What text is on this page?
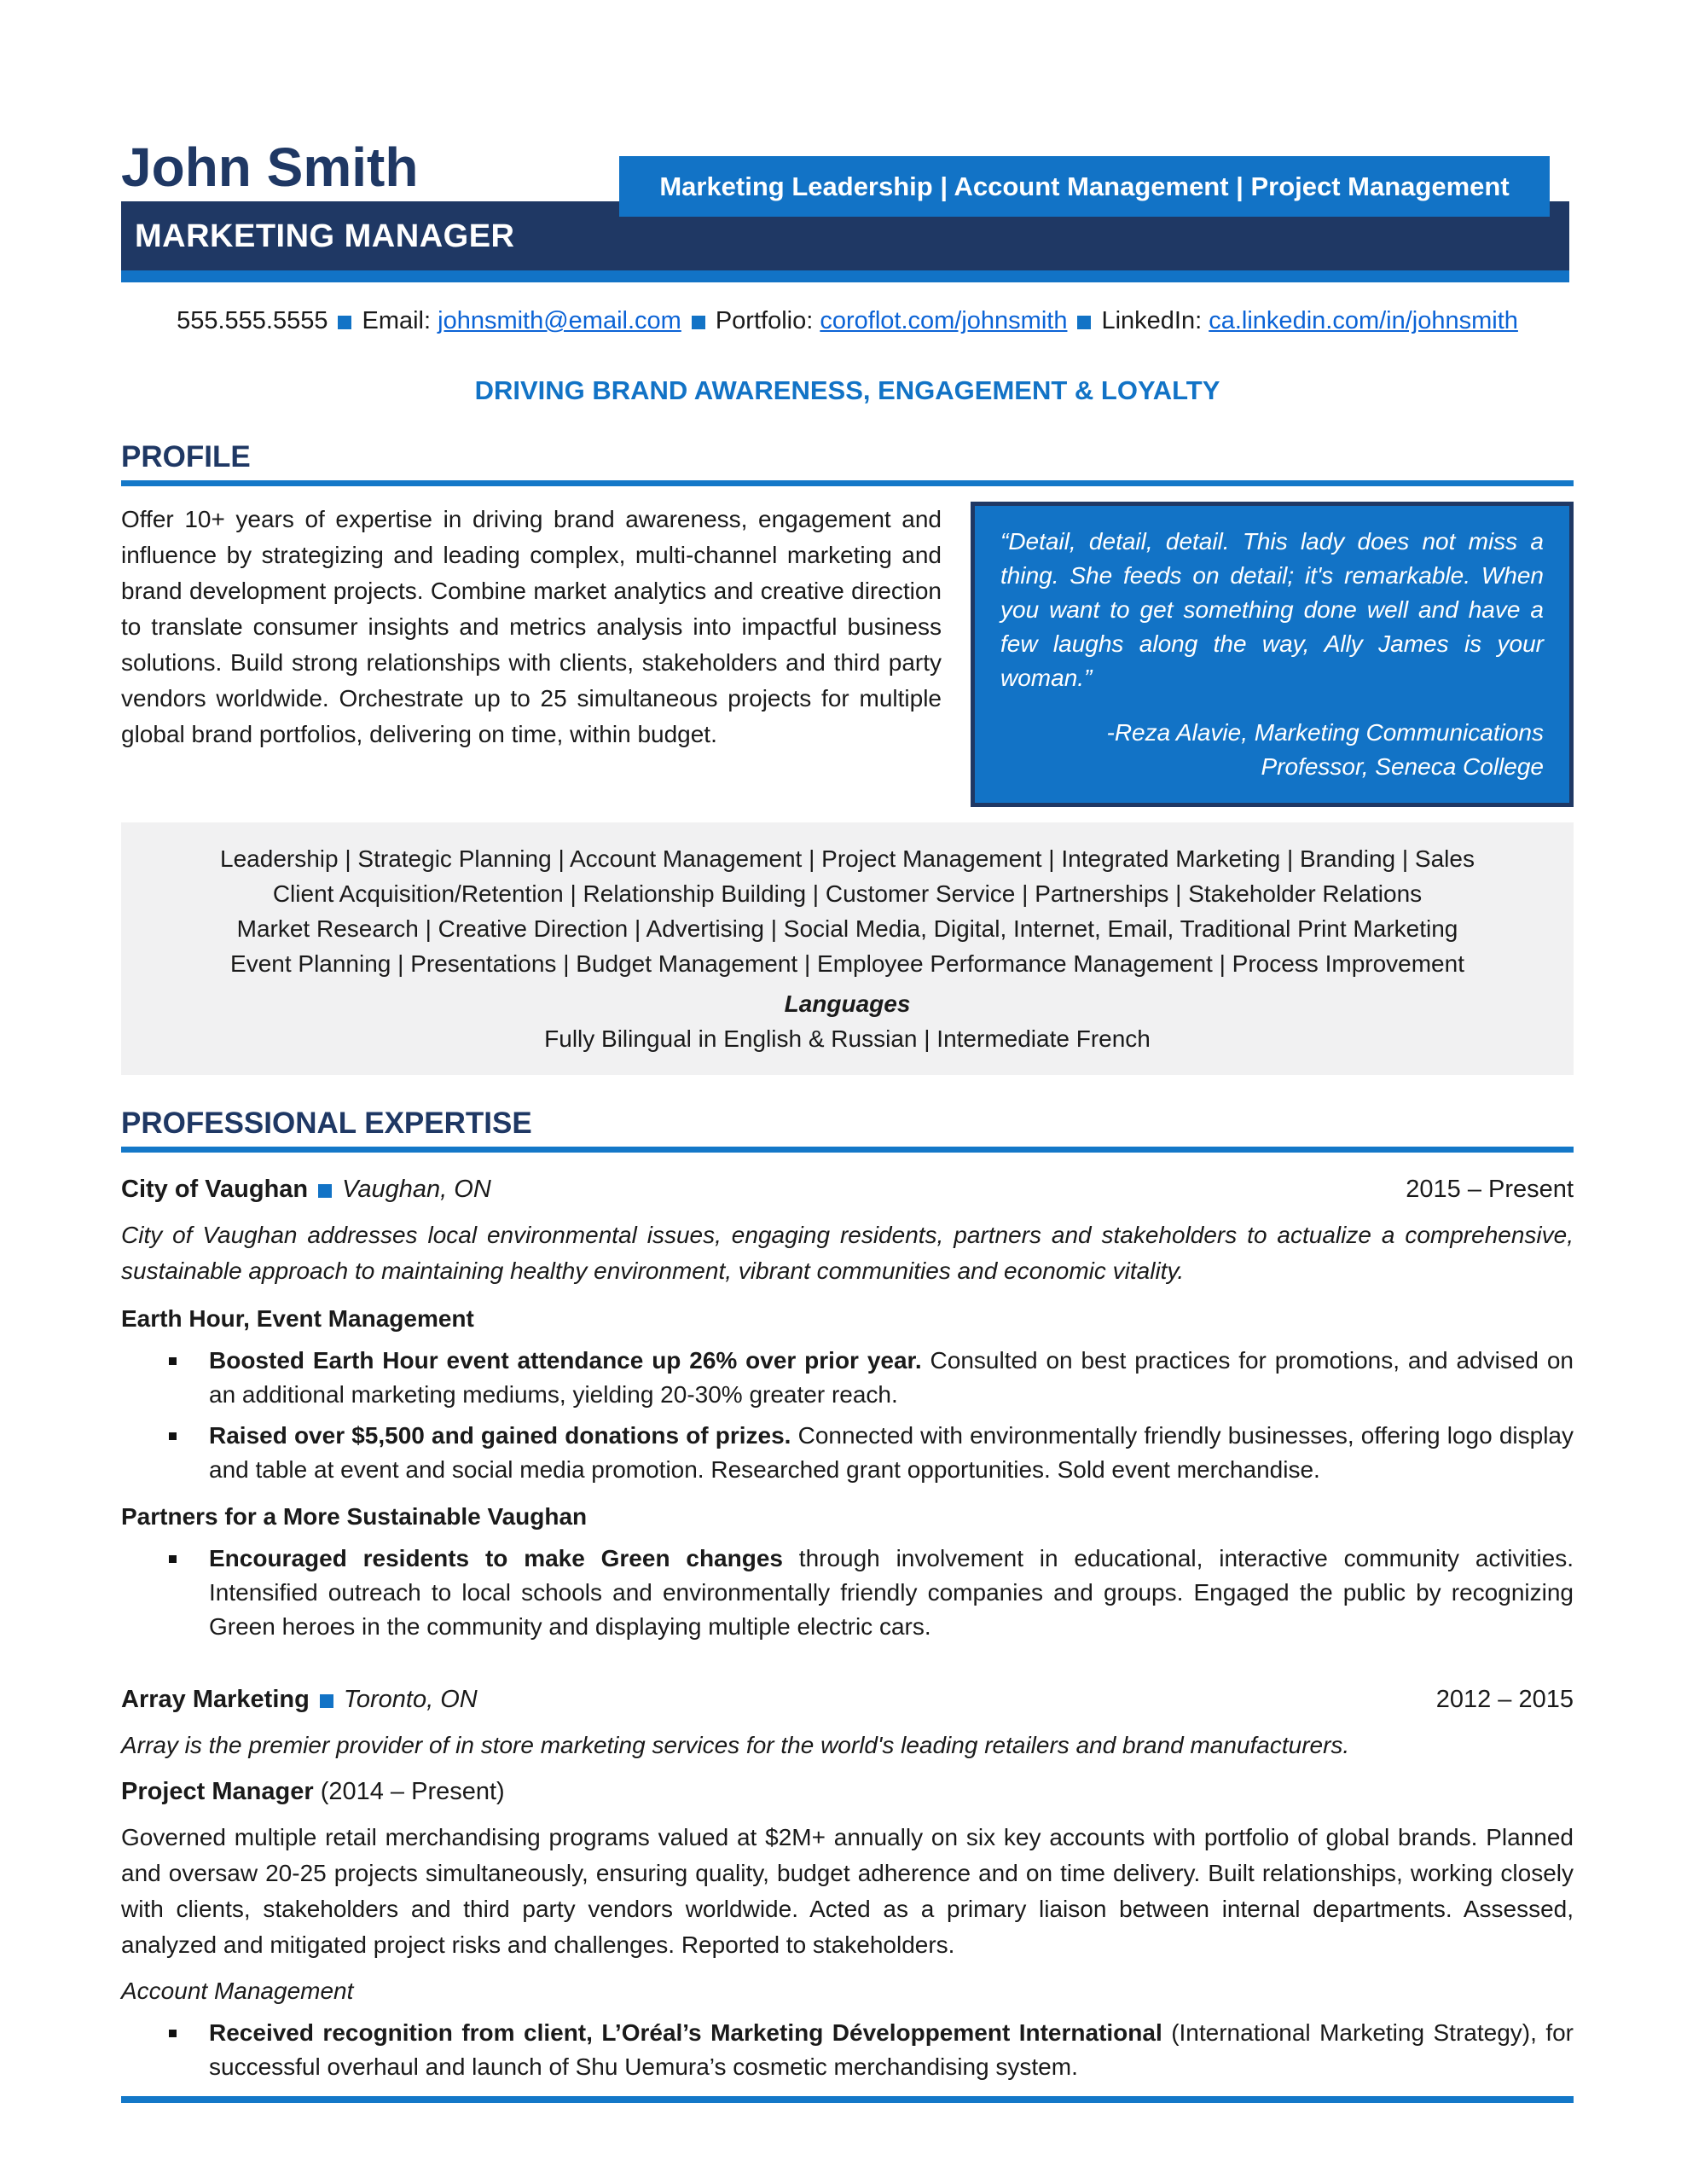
John Smith	Marketing Leadership | Account Management | Project Management
MARKETING MANAGER
555.555.5555 Email: johnsmith@email.com Portfolio: coroflot.com/johnsmith LinkedIn: ca.linkedin.com/in/johnsmith
DRIVING BRAND AWARENESS, ENGAGEMENT & LOYALTY
PROFILE
Offer 10+ years of expertise in driving brand awareness, engagement and influence by strategizing and leading complex, multi-channel marketing and brand development projects. Combine market analytics and creative direction to translate consumer insights and metrics analysis into impactful business solutions. Build strong relationships with clients, stakeholders and third party vendors worldwide. Orchestrate up to 25 simultaneous projects for multiple global brand portfolios, delivering on time, within budget.
“Detail, detail, detail. This lady does not miss a thing. She feeds on detail; it's remarkable. When you want to get something done well and have a few laughs along the way, Ally James is your woman.”
-Reza Alavie, Marketing Communications
Professor, Seneca College
Leadership | Strategic Planning | Account Management | Project Management | Integrated Marketing | Branding | Sales
Client Acquisition/Retention | Relationship Building | Customer Service | Partnerships | Stakeholder Relations
Market Research | Creative Direction | Advertising | Social Media, Digital, Internet, Email, Traditional Print Marketing
Event Planning | Presentations | Budget Management | Employee Performance Management | Process Improvement
Languages
Fully Bilingual in English & Russian | Intermediate French
PROFESSIONAL EXPERTISE
City of Vaughan Vaughan, ON	2015 – Present
City of Vaughan addresses local environmental issues, engaging residents, partners and stakeholders to actualize a comprehensive, sustainable approach to maintaining healthy environment, vibrant communities and economic vitality.
Earth Hour, Event Management
Boosted Earth Hour event attendance up 26% over prior year. Consulted on best practices for promotions, and advised on an additional marketing mediums, yielding 20-30% greater reach.
Raised over $5,500 and gained donations of prizes. Connected with environmentally friendly businesses, offering logo display and table at event and social media promotion. Researched grant opportunities. Sold event merchandise.
Partners for a More Sustainable Vaughan
Encouraged residents to make Green changes through involvement in educational, interactive community activities. Intensified outreach to local schools and environmentally friendly companies and groups. Engaged the public by recognizing Green heroes in the community and displaying multiple electric cars.
Array Marketing Toronto, ON	2012 – 2015
Array is the premier provider of in store marketing services for the world's leading retailers and brand manufacturers.
Project Manager (2014 – Present)
Governed multiple retail merchandising programs valued at $2M+ annually on six key accounts with portfolio of global brands. Planned and oversaw 20-25 projects simultaneously, ensuring quality, budget adherence and on time delivery. Built relationships, working closely with clients, stakeholders and third party vendors worldwide. Acted as a primary liaison between internal departments. Assessed, analyzed and mitigated project risks and challenges. Reported to stakeholders.
Account Management
Received recognition from client, L’Oréal’s Marketing Développement International (International Marketing Strategy), for successful overhaul and launch of Shu Uemura’s cosmetic merchandising system.
